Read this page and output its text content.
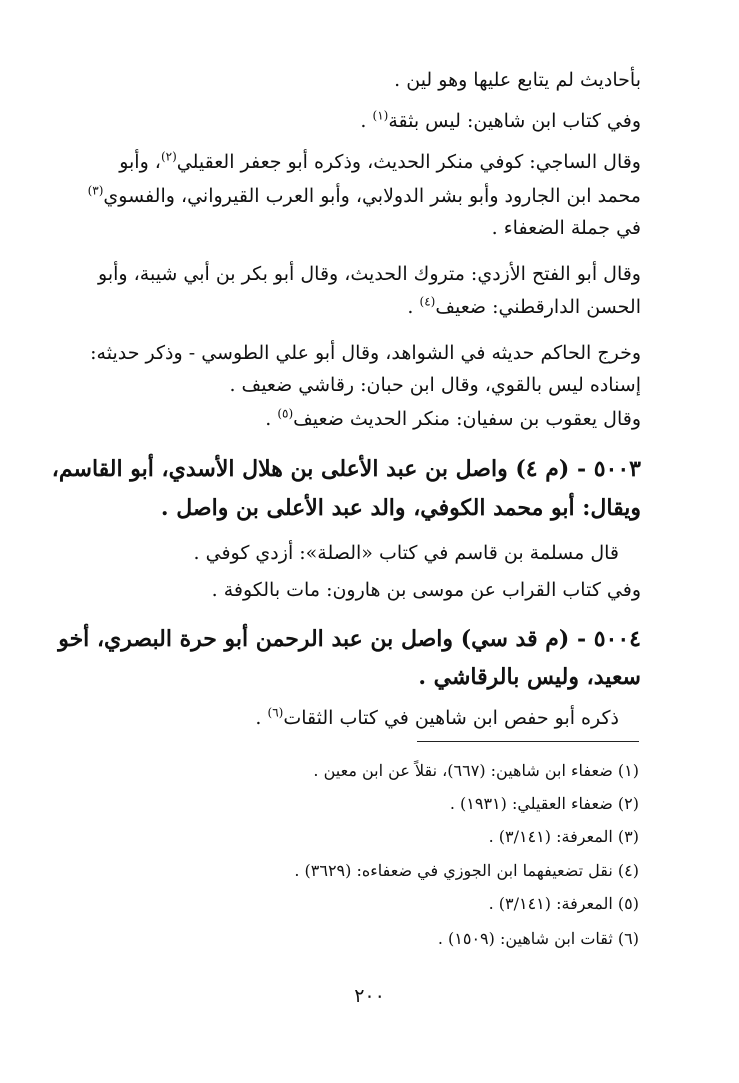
بأحاديث لم يتابع عليها وهو لين .
وفي كتاب ابن شاهين: ليس بثقة$^{(١)}$ .
وقال الساجي: كوفي منكر الحديث، وذكره أبو جعفر العقيلي$^{(٢)}$، وأبو
محمد ابن الجارود وأبو بشر الدولابي، وأبو العرب القيرواني، والفسوي$^{(٣)}$
في جملة الضعفاء .
وقال أبو الفتح الأزدي: متروك الحديث، وقال أبو بكر بن أبي شيبة، وأبو
الحسن الدارقطني: ضعيف$^{(٤)}$ .
وخرج الحاكم حديثه في الشواهد، وقال أبو علي الطوسي - وذكر حديثه:
إسناده ليس بالقوي، وقال ابن حبان: رقاشي ضعيف .
وقال يعقوب بن سفيان: منكر الحديث ضعيف$^{(٥)}$ .
٥٠٠٣ - (م ٤) واصل بن عبد الأعلى بن هلال الأسدي، أبو القاسم،
ويقال: أبو محمد الكوفي، والد عبد الأعلى بن واصل .
قال مسلمة بن قاسم في كتاب «الصلة»: أزدي كوفي .
وفي كتاب القراب عن موسى بن هارون: مات بالكوفة .
٥٠٠٤ - (م قد سي) واصل بن عبد الرحمن أبو حرة البصري، أخو
سعيد، وليس بالرقاشي .
ذكره أبو حفص ابن شاهين في كتاب الثقات$^{(٦)}$ .
(١) ضعفاء ابن شاهين: (٦٦٧)، نقلاً عن ابن معين .
(٢) ضعفاء العقيلي: (١٩٣١) .
(٣) المعرفة: (٣/١٤١) .
(٤) نقل تضعيفهما ابن الجوزي في ضعفاءه: (٣٦٢٩) .
(٥) المعرفة: (٣/١٤١) .
(٦) ثقات ابن شاهين: (١٥٠٩) .
٢٠٠
